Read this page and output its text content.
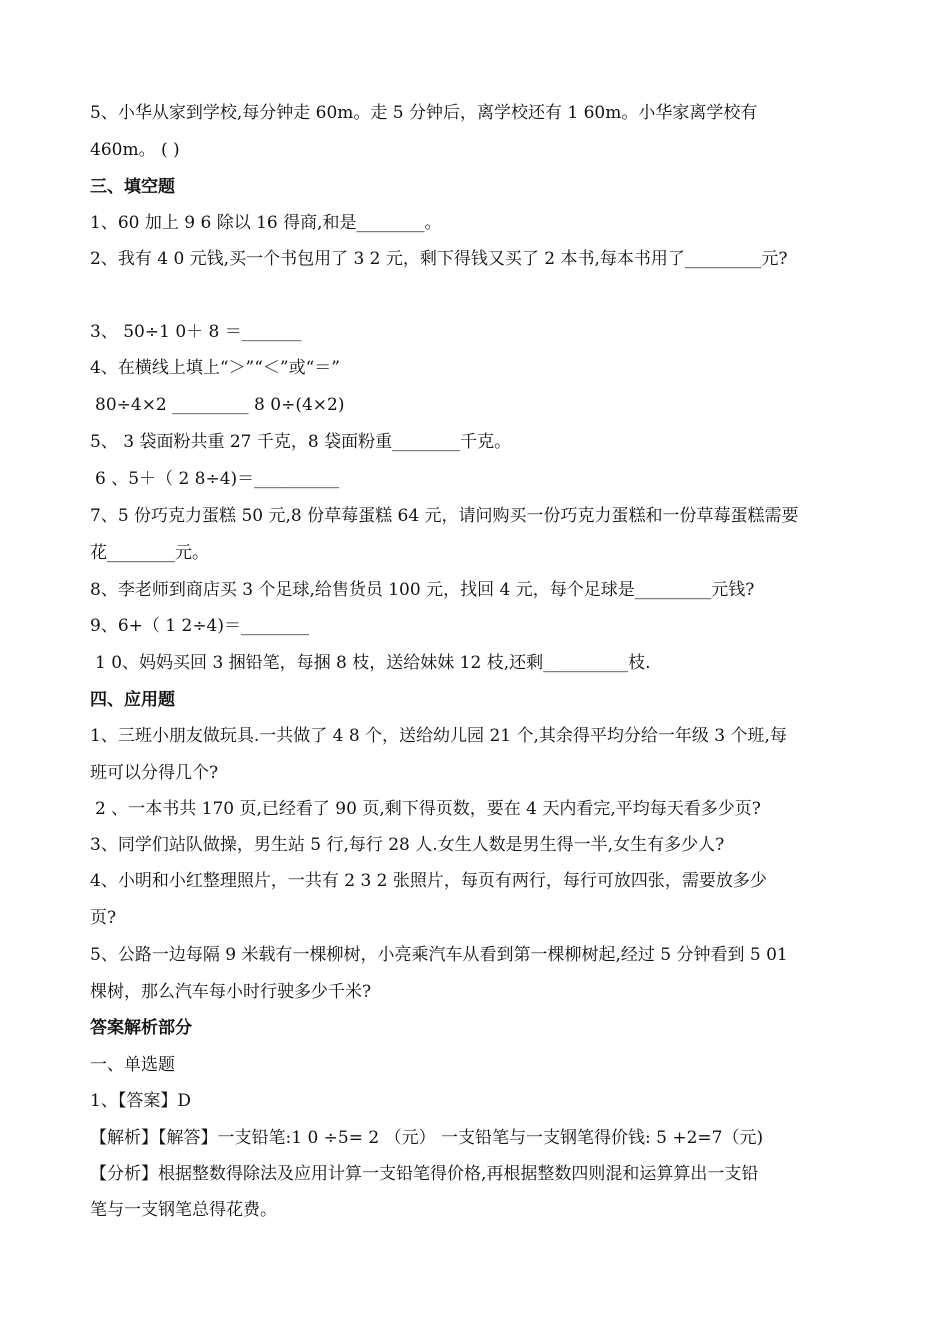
5、小华从家到学校,每分钟走 60m。走 5 分钟后，离学校还有 1 60m。小华家离学校有

460m。 ( )

三、填空题

1、60 加上 9 6 除以 16 得商,和是________。

2、我有 4 0 元钱,买一个书包用了 3 2 元，剩下得钱又买了 2 本书,每本书用了_________元?

3、 50÷1 0＋ 8 ＝_______

4、在横线上填上“＞”“＜”或“＝”

80÷4×2 _________ 8 0÷(4×2)

5、 3 袋面粉共重 27 千克，8 袋面粉重________千克。

6 、5＋（ 2 8÷4)＝__________

7、5 份巧克力蛋糕 50 元,8 份草莓蛋糕 64 元，请问购买一份巧克力蛋糕和一份草莓蛋糕需要

花________元。

8、李老师到商店买 3 个足球,给售货员 100 元，找回 4 元，每个足球是_________元钱?

9、6+（ 1 2÷4)＝________

1 0、妈妈买回 3 捆铅笔，每捆 8 枝，送给妹妹 12 枝,还剩__________枝.

四、应用题

1、三班小朋友做玩具.一共做了 4 8 个，送给幼儿园 21 个,其余得平均分给一年级 3 个班,每

班可以分得几个?

2 、一本书共 170 页,已经看了 90 页,剩下得页数，要在 4 天内看完,平均每天看多少页?

3、同学们站队做操，男生站 5 行,每行 28 人.女生人数是男生得一半,女生有多少人?

4、小明和小红整理照片，一共有 2 3 2 张照片，每页有两行，每行可放四张，需要放多少

页?

5、公路一边每隔 9 米载有一棵柳树，小亮乘汽车从看到第一棵柳树起,经过 5 分钟看到 5 01

棵树，那么汽车每小时行驶多少千米?

答案解析部分

一、单选题

1、【答案】D

【解析】【解答】一支铅笔:1 0 ÷5= 2 （元） 一支铅笔与一支钢笔得价钱: 5 +2=7（元)

【分析】根据整数得除法及应用计算一支铅笔得价格,再根据整数四则混和运算算出一支铅

笔与一支钢笔总得花费。
